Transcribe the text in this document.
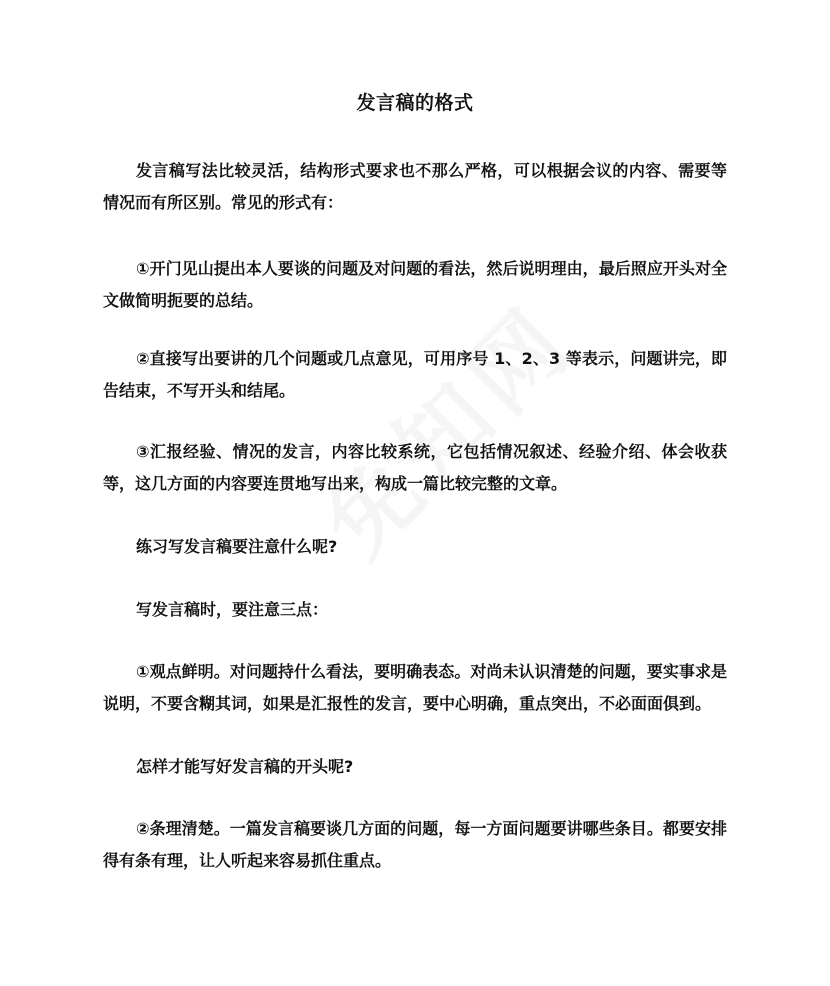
发言稿的格式

发言稿写法比较灵活，结构形式要求也不那么严格，可以根据会议的内容、需要等情况而有所区别。常见的形式有：

①开门见山提出本人要谈的问题及对问题的看法，然后说明理由，最后照应开头对全文做简明扼要的总结。

②直接写出要讲的几个问题或几点意见，可用序号 1、2、3 等表示，问题讲完，即告结束，不写开头和结尾。

③汇报经验、情况的发言，内容比较系统，它包括情况叙述、经验介绍、体会收获等，这几方面的内容要连贯地写出来，构成一篇比较完整的文章。

练习写发言稿要注意什么呢?

写发言稿时，要注意三点：

①观点鲜明。对问题持什么看法，要明确表态。对尚未认识清楚的问题，要实事求是说明，不要含糊其词，如果是汇报性的发言，要中心明确，重点突出，不必面面俱到。

怎样才能写好发言稿的开头呢?

②条理清楚。一篇发言稿要谈几方面的问题，每一方面问题要讲哪些条目。都要安排得有条有理，让人听起来容易抓住重点。
